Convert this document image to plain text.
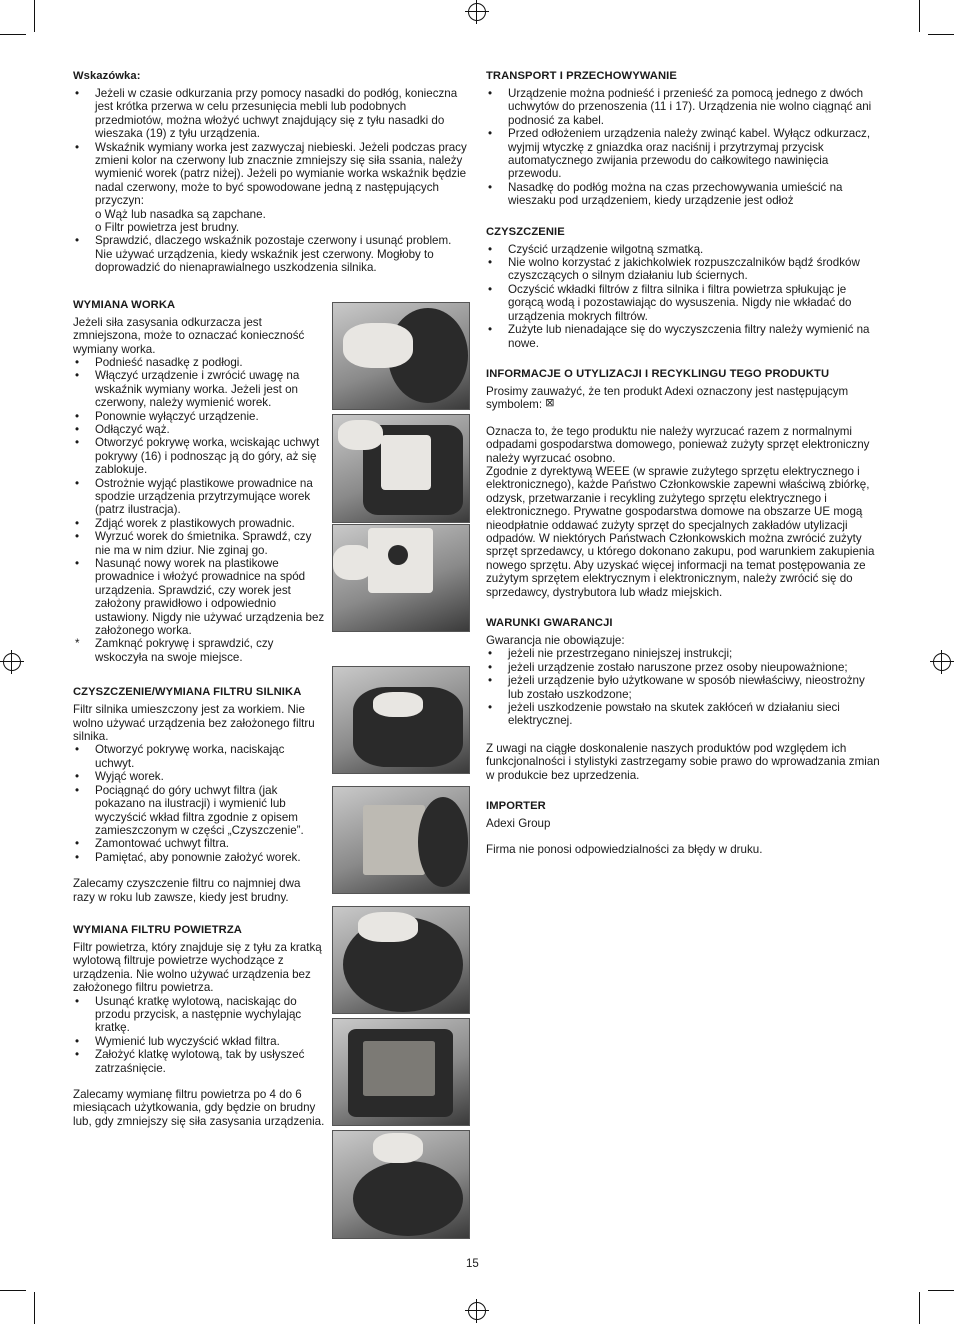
Wskazówka:
• Jeżeli w czasie odkurzania przy pomocy nasadki do podłóg, konieczna jest krótka przerwa w celu przesunięcia mebli lub podobnych przedmiotów, można włożyć uchwyt znajdujący się z tyłu nasadki do wieszaka (19) z tyłu urządzenia.
• Wskaźnik wymiany worka jest zazwyczaj niebieski. Jeżeli podczas pracy zmieni kolor na czerwony lub znacznie zmniejszy się siła ssania, należy wymienić worek (patrz niżej). Jeżeli po wymianie worka wskaźnik będzie nadal czerwony, może to być spowodowane jedną z następujących przyczyn:
o Wąż lub nasadka są zapchane.
o Filtr powietrza jest brudny.
• Sprawdzić, dlaczego wskaźnik pozostaje czerwony i usunąć problem. Nie używać urządzenia, kiedy wskaźnik jest czerwony. Mogłoby to doprowadzić do nienaprawialnego uszkodzenia silnika.
WYMIANA WORKA

Jeżeli siła zasysania odkurzacza jest zmniejszona, może to oznaczać konieczność wymiany worka.

• Podnieść nasadkę z podłogi.
• Włączyć urządzenie i zwrócić uwagę na wskaźnik wymiany worka. Jeżeli jest on czerwony, należy wymienić worek.
• Ponownie wyłączyć urządzenie.
• Odłączyć wąż.
• Otworzyć pokrywę worka, wciskając uchwyt pokrywy (16) i podnosząc ją do góry, aż się zablokuje.
• Ostrożnie wyjąć plastikowe prowadnice na spodzie urządzenia przytrzymujące worek (patrz ilustracja).
• Zdjąć worek z plastikowych prowadnic.
• Wyrzuć worek do śmietnika. Sprawdź, czy nie ma w nim dziur. Nie zginaj go.
• Nasunąć nowy worek na plastikowe prowadnice i włożyć prowadnice na spód urządzenia. Sprawdzić, czy worek jest założony prawidłowo i odpowiednio ustawiony. Nigdy nie używać urządzenia bez założonego worka.
* Zamknąć pokrywę i sprawdzić, czy wskoczyła na swoje miejsce.
CZYSZCZENIE/WYMIANA FILTRU SILNIKA

Filtr silnika umieszczony jest za workiem. Nie wolno używać urządzenia bez założonego filtru silnika.

• Otworzyć pokrywę worka, naciskając uchwyt.
• Wyjąć worek.
• Pociągnąć do góry uchwyt filtra (jak pokazano na ilustracji) i wymienić lub wyczyścić wkład filtra zgodnie z opisem zamieszczonym w części „Czyszczenie”.
• Zamontować uchwyt filtra.
• Pamiętać, aby ponownie założyć worek.

Zalecamy czyszczenie filtru co najmniej dwa razy w roku lub zawsze, kiedy jest brudny.

WYMIANA FILTRU POWIETRZA

Filtr powietrza, który znajduje się z tyłu za kratką wylotową filtruje powietrze wychodzące z urządzenia. Nie wolno używać urządzenia bez założonego filtru powietrza.

• Usunąć kratkę wylotową, naciskając do przodu przycisk, a następnie wychylając kratkę.
• Wymienić lub wyczyścić wkład filtra.
• Założyć klatkę wylotową, tak by usłyszeć zatrzaśnięcie.

Zalecamy wymianę filtru powietrza po 4 do 6 miesiącach użytkowania, gdy będzie on brudny lub, gdy zmniejszy się siła zasysania urządzenia.

TRANSPORT I PRZECHOWYWANIE
• Urządzenie można podnieść i przenieść za pomocą jednego z dwóch uchwytów do przenoszenia (11 i 17). Urządzenia nie wolno ciągnąć ani podnosić za kabel.
• Przed odłożeniem urządzenia należy zwinąć kabel. Wyłącz odkurzacz, wyjmij wtyczkę z gniazdka oraz naciśnij i przytrzymaj przycisk automatycznego zwijania przewodu do całkowitego nawinięcia przewodu.
• Nasadkę do podłóg można na czas przechowywania umieścić na wieszaku pod urządzeniem, kiedy urządzenie jest odłoż
CZYSZCZENIE
• Czyścić urządzenie wilgotną szmatką.
• Nie wolno korzystać z jakichkolwiek rozpuszczalników bądź środków czyszczących o silnym działaniu lub ściernych.
• Oczyścić wkładki filtrów z filtra silnika i filtra powietrza spłukując je gorącą wodą i pozostawiając do wysuszenia. Nigdy nie wkładać do urządzenia mokrych filtrów.
• Zużyte lub nienadające się do wyczyszczenia filtry należy wymienić na nowe.
INFORMACJE O UTYLIZACJI I RECYKLINGU TEGO PRODUKTU

Prosimy zauważyć, że ten produkt Adexi oznaczony jest następującym symbolem: ⊠

Oznacza to, że tego produktu nie należy wyrzucać razem z normalnymi odpadami gospodarstwa domowego, ponieważ zużyty sprzęt elektroniczny należy wyrzucać osobno.

Zgodnie z dyrektywą WEEE (w sprawie zużytego sprzętu elektrycznego i elektronicznego), każde Państwo Członkowskie zapewni właściwą zbiórkę, odzysk, przetwarzanie i recykling zużytego sprzętu elektrycznego i elektronicznego. Prywatne gospodarstwa domowe na obszarze UE mogą nieodpłatnie oddawać zużyty sprzęt do specjalnych zakładów utylizacji odpadów. W niektórych Państwach Członkowskich można zwrócić zużyty sprzęt sprzedawcy, u którego dokonano zakupu, pod warunkiem zakupienia nowego sprzętu. Aby uzyskać więcej informacji na temat postępowania ze zużytym sprzętem elektrycznym i elektronicznym, należy zwrócić się do sprzedawcy, dystrybutora lub władz miejskich.

WARUNKI GWARANCJI

Gwarancja nie obowiązuje:

• jeżeli nie przestrzegano niniejszej instrukcji;
• jeżeli urządzenie zostało naruszone przez osoby nieupoważnione;
• jeżeli urządzenie było użytkowane w sposób niewłaściwy, nieostrożny lub zostało uszkodzone;
• jeżeli uszkodzenie powstało na skutek zakłóceń w działaniu sieci elektrycznej.

Z uwagi na ciągłe doskonalenie naszych produktów pod względem ich funkcjonalności i stylistyki zastrzegamy sobie prawo do wprowadzania zmian w produkcie bez uprzedzenia.

IMPORTER

Adexi Group

Firma nie ponosi odpowiedzialności za błędy w druku.

15
